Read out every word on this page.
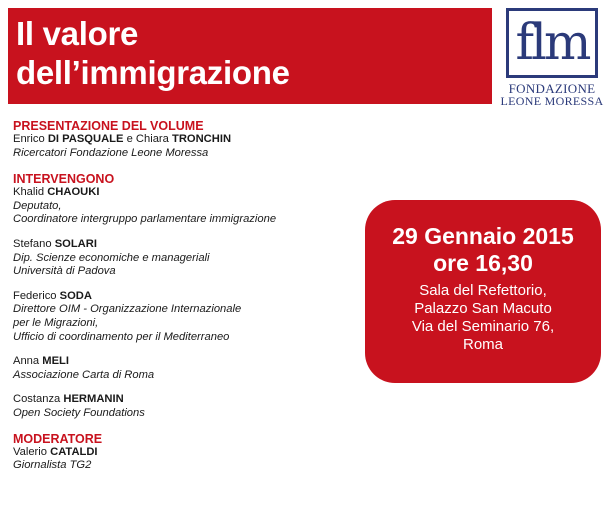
Il valore
dell’immigrazione
flm
FONDAZIONE
LEONE MORESSA
PRESENTAZIONE DEL VOLUME
Enrico DI PASQUALE e Chiara TRONCHIN
Ricercatori Fondazione Leone Moressa
INTERVENGONO
Khalid CHAOUKI
Deputato,
Coordinatore intergruppo parlamentare immigrazione
Stefano SOLARI
Dip. Scienze economiche e manageriali
Università di Padova
Federico SODA
Direttore OIM - Organizzazione Internazionale
per le Migrazioni,
Ufficio di coordinamento per il Mediterraneo
Anna MELI
Associazione Carta di Roma
Costanza HERMANIN
Open Society Foundations
MODERATORE
Valerio CATALDI
Giornalista TG2
29 Gennaio 2015
ore 16,30
Sala del Refettorio,
Palazzo San Macuto
Via del Seminario 76,
Roma
